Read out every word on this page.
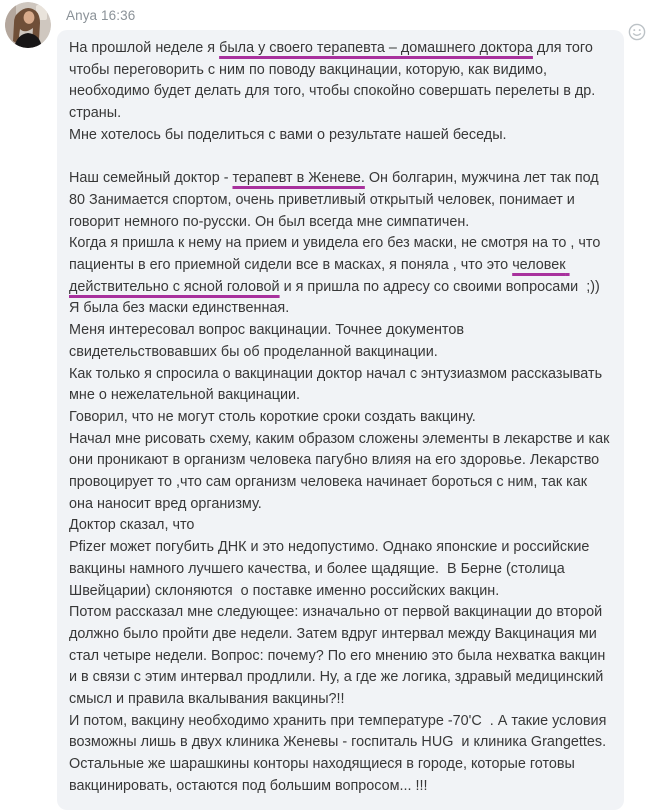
Anya 16:36
На прошлой неделе я была у своего терапевта – домашнего доктора для того чтобы переговорить с ним по поводу вакцинации, которую, как видимо,  необходимо будет делать для того, чтобы спокойно совершать перелеты в др. страны.
Мне хотелось бы поделиться с вами о результате нашей беседы.
Наш семейный доктор - терапевт в Женеве. Он болгарин, мужчина лет так под 80 Занимается спортом, очень приветливый открытый человек, понимает и говорит немного по-русски. Он был всегда мне симпатичен.
Когда я пришла к нему на прием и увидела его без маски, не смотря на то , что пациенты в его приемной сидели все в масках, я поняла , что это человек действительно с ясной головой и я пришла по адресу со своими вопросами  ;))
Я была без маски единственная.
Меня интересовал вопрос вакцинации. Точнее документов свидетельствовавших бы об проделанной вакцинации.
Как только я спросила о вакцинации доктор начал с энтузиазмом рассказывать мне о нежелательной вакцинации.
Говорил, что не могут столь короткие сроки создать вакцину.
Начал мне рисовать схему, каким образом сложены элементы в лекарстве и как они проникают в организм человека пагубно влияя на его здоровье. Лекарство провоцирует то ,что сам организм человека начинает бороться с ним, так как она наносит вред организму.
Доктор сказал, что
Pfizer может погубить ДНК и это недопустимо. Однако японские и российские вакцины намного лучшего качества, и более щадящие.  В Берне (столица Швейцарии) склоняются  о поставке именно российских вакцин.
Потом рассказал мне следующее: изначально от первой вакцинации до второй должно было пройти две недели. Затем вдруг интервал между Вакцинация ми стал четыре недели. Вопрос: почему? По его мнению это была нехватка вакцин и в связи с этим интервал продлили. Ну, а где же логика, здравый медицинский смысл и правила вкалывания вакцины?!!
И потом, вакцину необходимо хранить при температуре -70'C  . А такие условия возможны лишь в двух клиника Женевы - госпиталь HUG  и клиника Grangettes. Остальные же шарашкины конторы находящиеся в городе, которые готовы вакцинировать, остаются под большим вопросом... !!!
